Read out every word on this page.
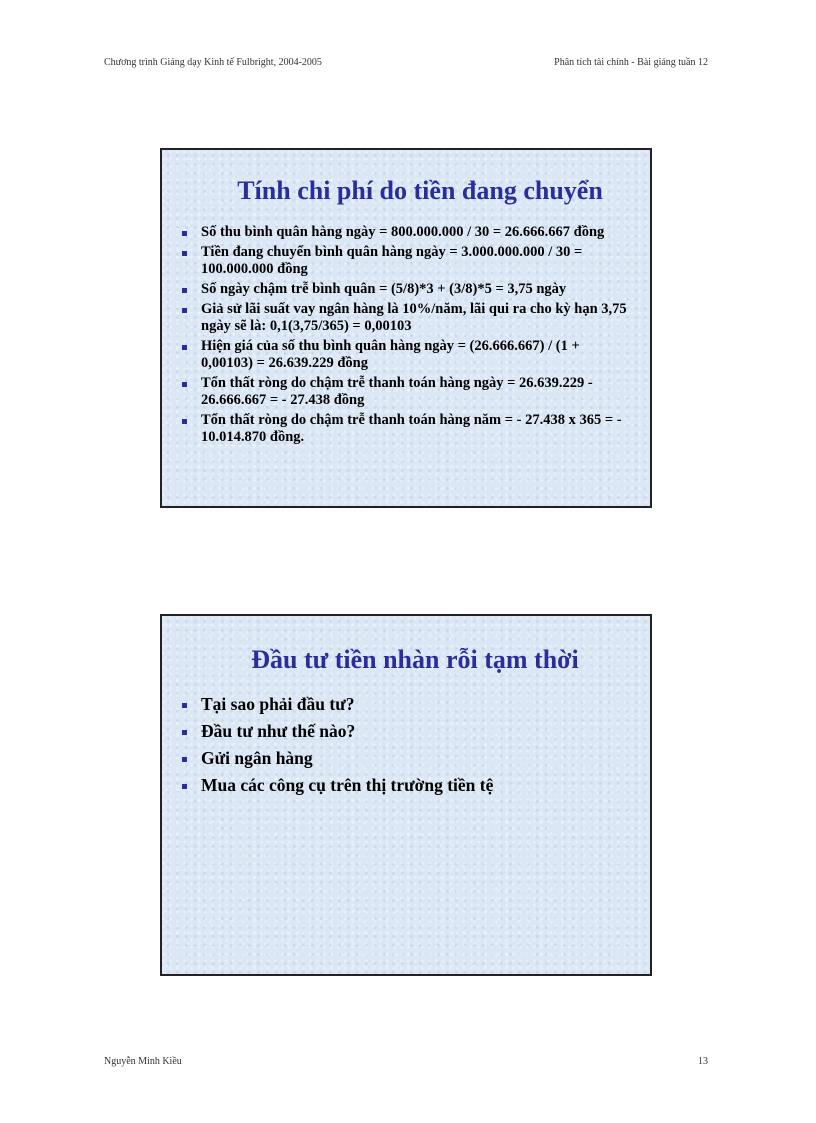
Chương trình Giảng dạy Kinh tế Fulbright, 2004-2005	Phân tích tài chính - Bài giảng tuần 12
Tính chi phí do tiền đang chuyển
Số thu bình quân hàng ngày = 800.000.000 / 30 = 26.666.667 đồng
Tiền đang chuyển bình quân hàng ngày = 3.000.000.000 / 30 = 100.000.000 đồng
Số ngày chậm trễ bình quân = (5/8)*3 + (3/8)*5 = 3,75 ngày
Giả sử lãi suất vay ngân hàng là 10%/năm, lãi qui ra cho kỳ hạn 3,75 ngày sẽ là: 0,1(3,75/365) = 0,00103
Hiện giá của số thu bình quân hàng ngày = (26.666.667) / (1 + 0,00103) = 26.639.229 đồng
Tổn thất ròng do chậm trễ thanh toán hàng ngày = 26.639.229 - 26.666.667 = - 27.438 đồng
Tổn thất ròng do chậm trễ thanh toán hàng năm = - 27.438 x 365 = - 10.014.870 đồng.
Đầu tư tiền nhàn rỗi tạm thời
Tại sao phải đầu tư?
Đầu tư như thế nào?
Gửi ngân hàng
Mua các công cụ trên thị trường tiền tệ
Nguyễn Minh Kiều	13
